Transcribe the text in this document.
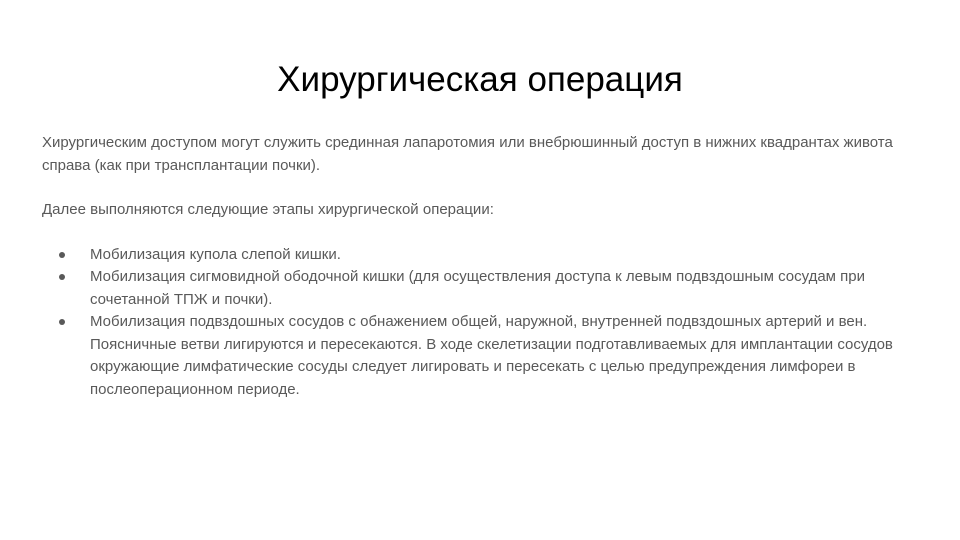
Хирургическая операция

Хирургическим доступом могут служить срединная лапаротомия или внебрюшинный доступ в нижних квадрантах живота справа (как при трансплантации почки).

Далее выполняются следующие этапы хирургической операции:

Мобилизация купола слепой кишки.
Мобилизация сигмовидной ободочной кишки (для осуществления доступа к левым подвздошным сосудам при сочетанной ТПЖ и почки).
Мобилизация подвздошных сосудов с обнажением общей, наружной, внутренней подвздошных артерий и вен. Поясничные ветви лигируются и пересекаются. В ходе скелетизации подготавливаемых для имплантации сосудов окружающие лимфатические сосуды следует лигировать и пересекать с целью предупреждения лимфореи в послеоперационном периоде.
